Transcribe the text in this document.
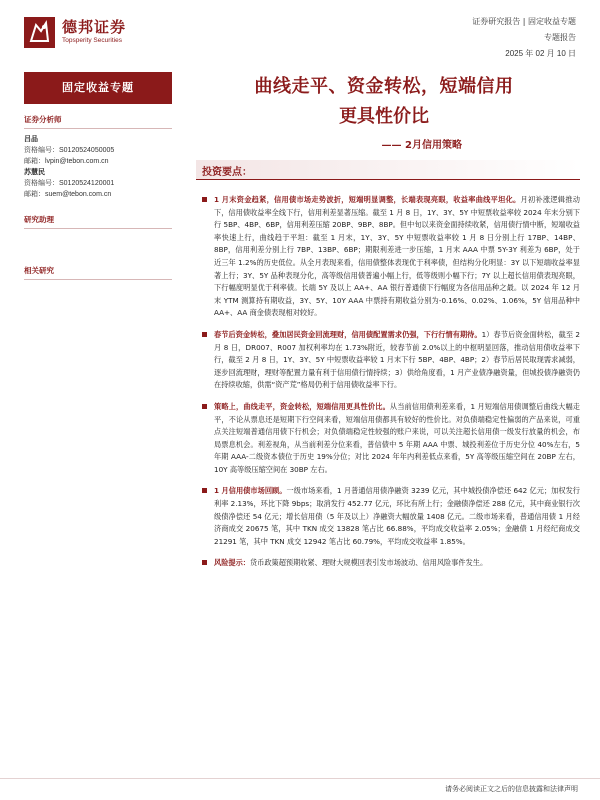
德邦证券
Topsperity Securities
证券研究报告 | 固定收益专题
专题报告
2025 年 02 月 10 日
固定收益专题
证券分析师
吕品
资格编号：S0120524050005
邮箱：lvpin@tebon.com.cn
苏慧民
资格编号：S0120524120001
邮箱：suem@tebon.com.cn
研究助理
相关研究
曲线走平、资金转松，短端信用
更具性价比
—— 2月信用策略
投资要点：
1 月末资金趋紧，信用债市场走势波折，短端明显调整，长端表现亮眼，收益率曲线平坦化。月初补涨逻辑推动下，信用债收益率全线下行，信用利差显著压缩。截至 1 月 8 日，1Y、3Y、5Y 中短票收益率较 2024 年末分别下行 5BP、4BP、6BP，信用利差压缩 20BP、9BP、8BP。但中旬以来资金面持续收紧，信用债行情中断，短端收益率快速上行，曲线趋于平坦：截至 1 月末，1Y、3Y、5Y 中短票收益率较 1 月 8 日分别上行 17BP、14BP、8BP，信用利差分别上行 7BP、13BP、6BP；期限利差进一步压缩，1 月末 AAA 中票 5Y-3Y 利差为 6BP，处于近三年 1.2%的历史低位。从全月表现来看，信用债整体表现优于利率债，但结构分化明显：3Y 以下短端收益率显著上行；3Y、5Y 品种表现分化，高等级信用债普遍小幅上行，低等级则小幅下行；7Y 以上超长信用债表现亮眼，下行幅度明显优于利率债。长端 5Y 及以上 AA+、AA 银行普通债下行幅度为各信用品种之最。以 2024 年 12 月末 YTM 测算持有期收益，3Y、5Y、10Y AAA 中票持有期收益分别为-0.16%、0.02%、1.06%，5Y 信用品种中 AA+、AA 商金债表现相对较好。
春节后资金转松，叠加居民资金回流理财，信用债配置需求仍强，下行行情有期待。1）春节后资金面转松，截至 2 月 8 日，DR007、R007 加权利率均在 1.73%附近，较春节前 2.0%以上的中枢明显回落，推动信用债收益率下行，截至 2 月 8 日，1Y、3Y、5Y 中短票收益率较 1 月末下行 5BP、4BP、4BP；2）春节后居民取现需求减弱，逐步回流理财，理财等配置力量有利于信用债行情持续；3）供给角度看，1 月产业债净融资量，但城投债净融资仍在持续收缩，供需“资产荒”格局仍利于信用债收益率下行。
策略上，曲线走平，资金转松，短端信用更具性价比。从当前信用债利差来看，1 月短端信用债调整后曲线大幅走平，不论从票息还是短期下行空间来看，短端信用债都具有较好的性价比。对负债端稳定性偏弱的产品来说，可重点关注短端普通信用债下行机会；对负债端稳定性较强的账户来说，可以关注超长信用债一级发行放量的机会，布局票息机会。利差视角，从当前利差分位来看，普信债中 5 年期 AAA 中票、城投利差位于历史分位 40%左右，5 年期 AAA-二级资本债位于历史 19%分位；对比 2024 年年内利差低点来看，5Y 高等级压缩空间在 20BP 左右，10Y 高等级压缩空间在 30BP 左右。
1 月信用债市场回顾。一级市场来看，1 月普通信用债净融资 3239 亿元，其中城投债净偿还 642 亿元；加权发行利率 2.13%，环比下降 9bps；取消发行 452.77 亿元，环比有所上行；金融债净偿还 288 亿元，其中商业银行次级债净偿还 54 亿元；增长信用债（5 年及以上）净融资大幅放量 1408 亿元。二级市场来看，普通信用债 1 月经济商成交 20675 笔，其中 TKN 成交 13828 笔占比 66.88%，平均成交收益率 2.05%；金融债 1 月经纪商成交 21291 笔，其中 TKN 成交 12942 笔占比 60.79%，平均成交收益率 1.85%。
风险提示：货币政策超预期收紧、理财大规模回表引发市场波动、信用风险事件发生。
请务必阅读正文之后的信息披露和法律声明
